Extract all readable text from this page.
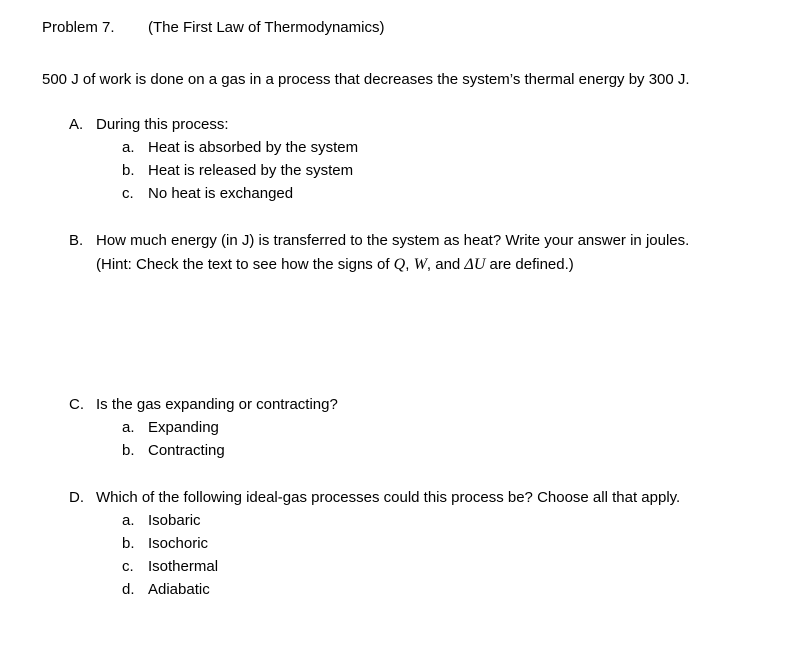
Problem 7. (The First Law of Thermodynamics)
500 J of work is done on a gas in a process that decreases the system’s thermal energy by 300 J.
A. During this process:
a. Heat is absorbed by the system
b. Heat is released by the system
c. No heat is exchanged
B. How much energy (in J) is transferred to the system as heat? Write your answer in joules.
(Hint: Check the text to see how the signs of Q, W, and ΔU are defined.)
C. Is the gas expanding or contracting?
a. Expanding
b. Contracting
D. Which of the following ideal-gas processes could this process be? Choose all that apply.
a. Isobaric
b. Isochoric
c. Isothermal
d. Adiabatic
